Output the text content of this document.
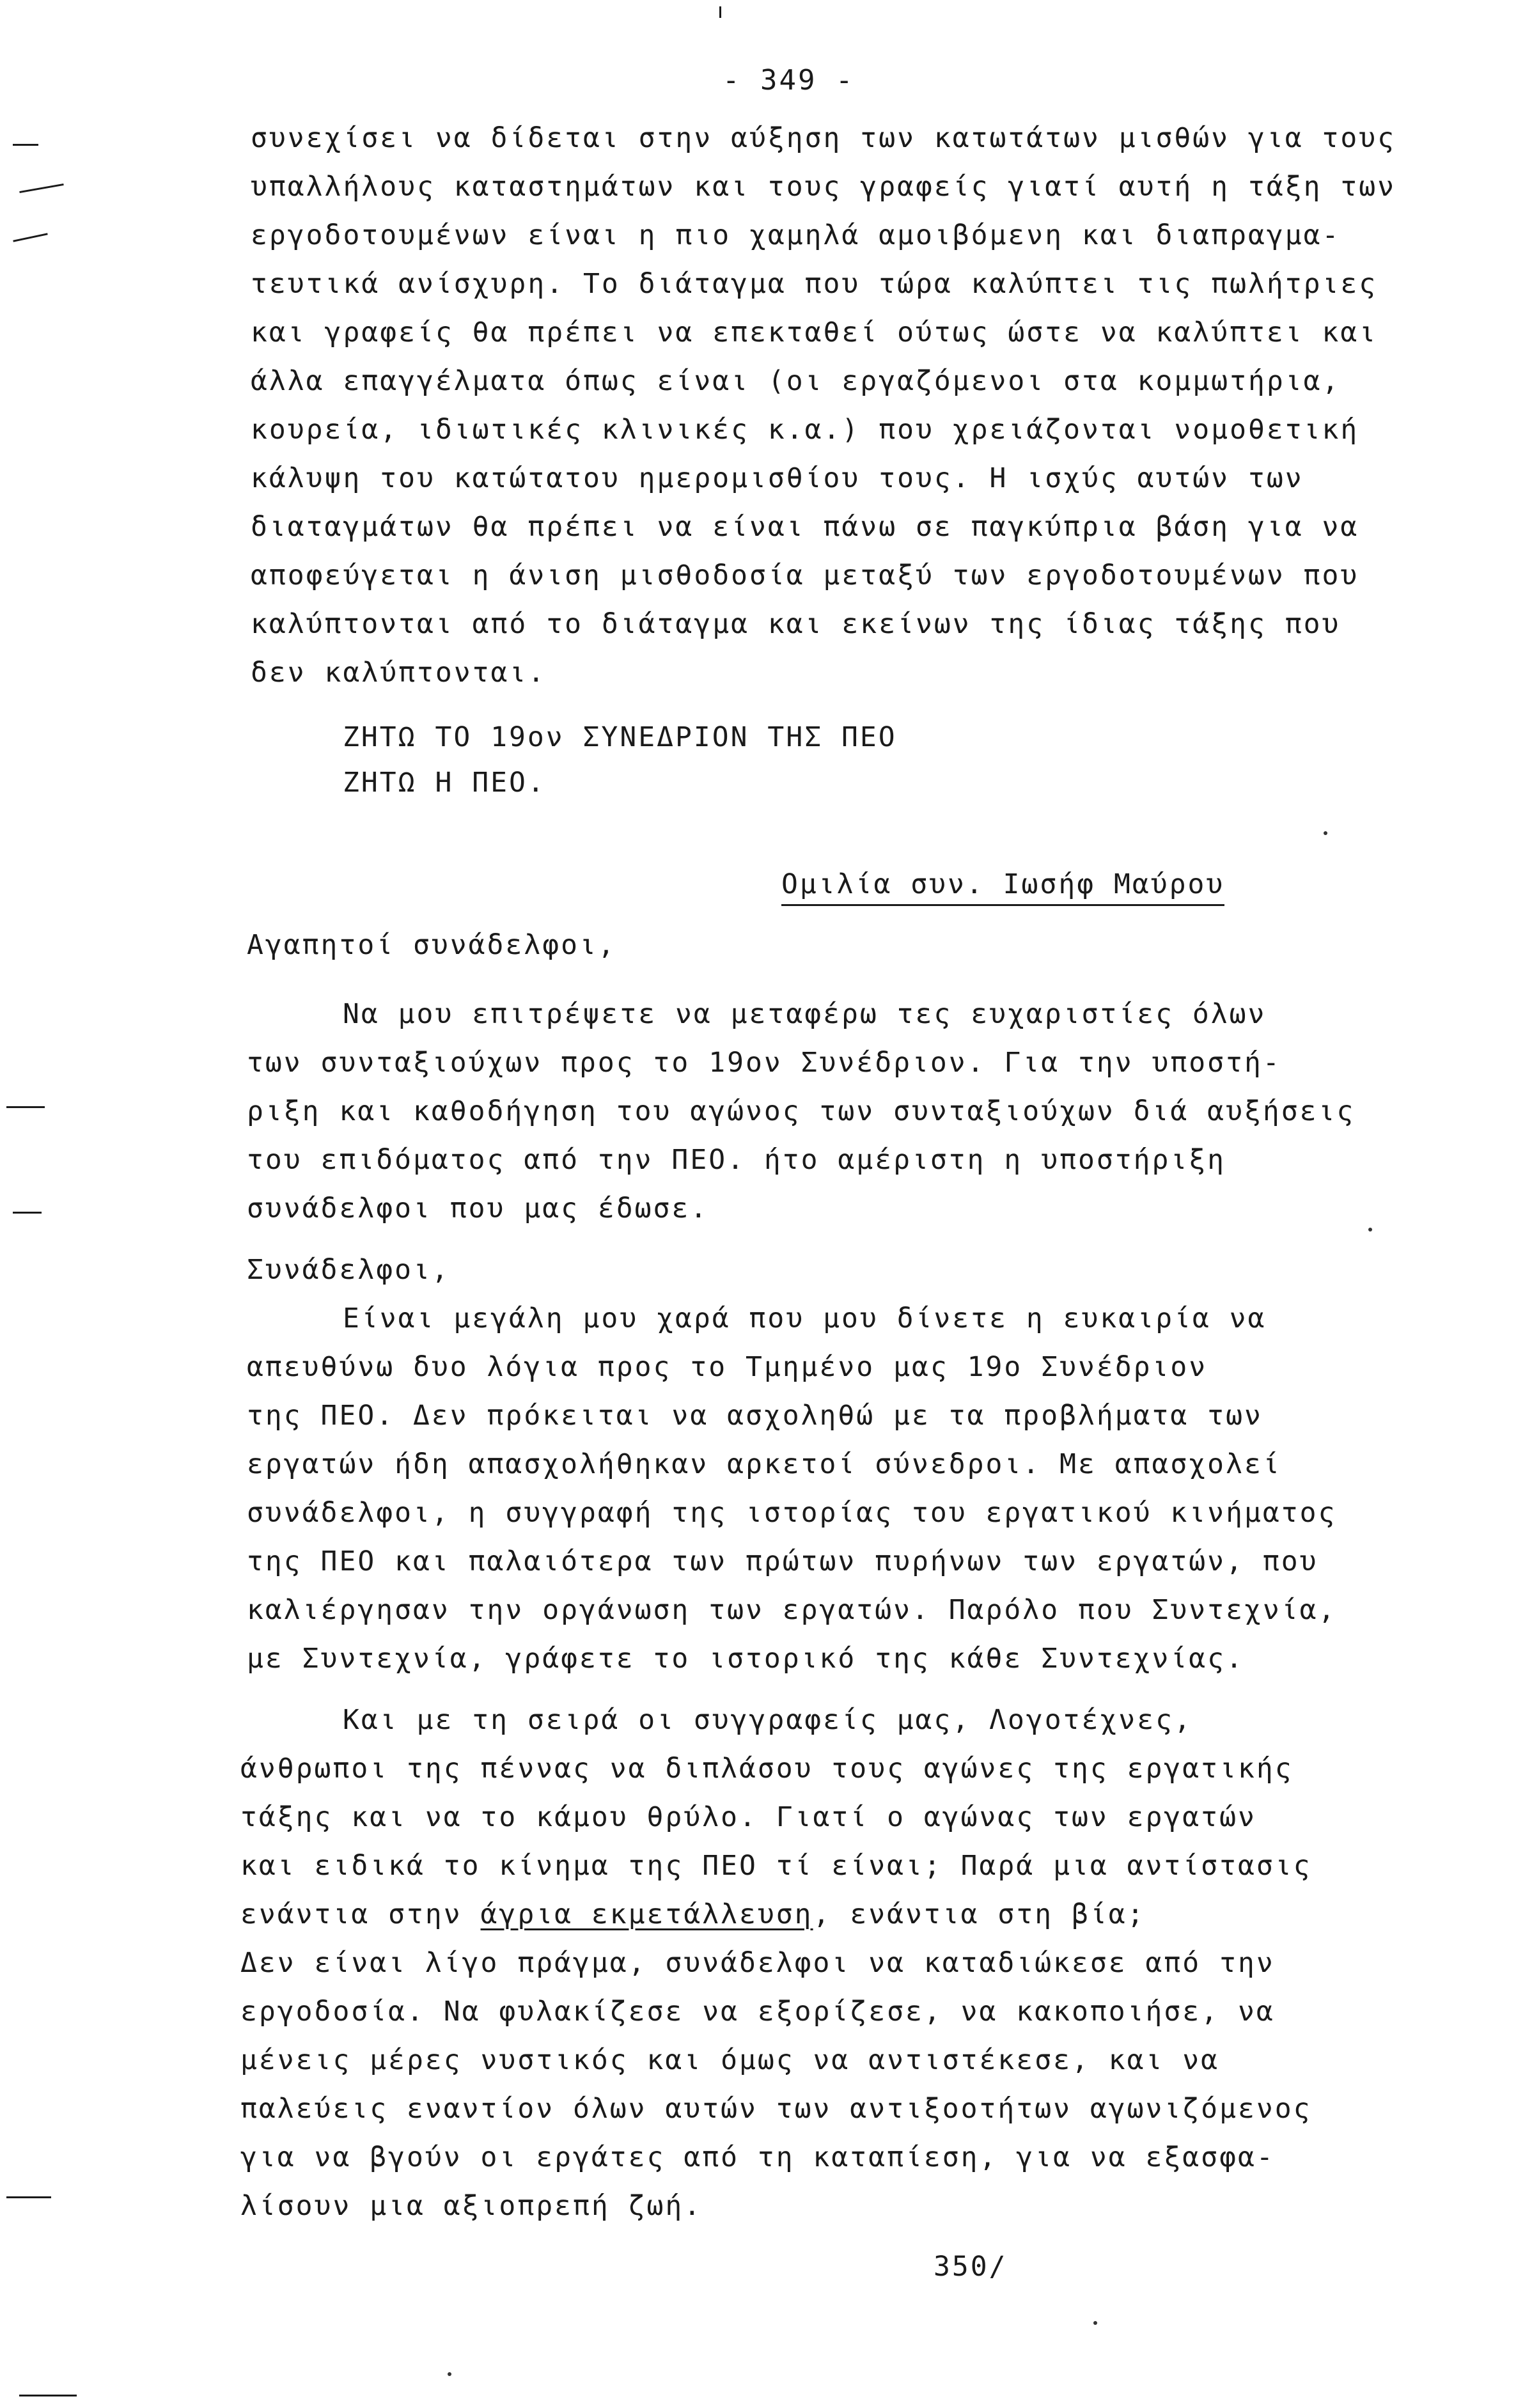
- 349 -
συνεχίσει να δίδεται στην αύξηση των κατωτάτων μισθών για τους
υπαλλήλους καταστημάτων και τους γραφείς γιατί αυτή η τάξη των
εργοδοτουμένων είναι η πιο χαμηλά αμοιβόμενη και διαπραγμα-
τευτικά ανίσχυρη. Το διάταγμα που τώρα καλύπτει τις πωλήτριες
και γραφείς θα πρέπει να επεκταθεί ούτως ώστε να καλύπτει και
άλλα επαγγέλματα όπως είναι (οι εργαζόμενοι στα κομμωτήρια,
κουρεία, ιδιωτικές κλινικές κ.α.) που χρειάζονται νομοθετική
κάλυψη του κατώτατου ημερομισθίου τους. Η ισχύς αυτών των
διαταγμάτων θα πρέπει να είναι πάνω σε παγκύπρια βάση για να
αποφεύγεται η άνιση μισθοδοσία μεταξύ των εργοδοτουμένων που
καλύπτονται από το διάταγμα και εκείνων της ίδιας τάξης που
δεν καλύπτονται.
ΖΗΤΩ ΤΟ 19ον ΣΥΝΕΔΡΙΟΝ ΤΗΣ ΠΕΟ
ΖΗΤΩ Η ΠΕΟ.
Ομιλία συν. Ιωσήφ Μαύρου
Αγαπητοί συνάδελφοι,
Να μου επιτρέψετε να μεταφέρω τες ευχαριστίες όλων
των συνταξιούχων προς το 19ον Συνέδριον. Για την υποστή-
ριξη και καθοδήγηση του αγώνος των συνταξιούχων διά αυξήσεις
του επιδόματος από την ΠΕΟ. ήτο αμέριστη η υποστήριξη
συνάδελφοι που μας έδωσε.
Συνάδελφοι,
Είναι μεγάλη μου χαρά που μου δίνετε η ευκαιρία να
απευθύνω δυο λόγια προς το Τμημένο μας 19ο Συνέδριον
της ΠΕΟ. Δεν πρόκειται να ασχοληθώ με τα προβλήματα των
εργατών ήδη απασχολήθηκαν αρκετοί σύνεδροι. Με απασχολεί
συνάδελφοι, η συγγραφή της ιστορίας του εργατικού κινήματος
της ΠΕΟ και παλαιότερα των πρώτων πυρήνων των εργατών, που
καλιέργησαν την οργάνωση των εργατών. Παρόλο που Συντεχνία,
με Συντεχνία, γράφετε το ιστορικό της κάθε Συντεχνίας.
Και με τη σειρά οι συγγραφείς μας, Λογοτέχνες,
άνθρωποι της πέννας να διπλάσου τους αγώνες της εργατικής
τάξης και να το κάμου θρύλο. Γιατί ο αγώνας των εργατών
και ειδικά το κίνημα της ΠΕΟ τί είναι; Παρά μια αντίστασις
ενάντια στην άγρια εκμετάλλευση, ενάντια στη βία;
Δεν είναι λίγο πράγμα, συνάδελφοι να καταδιώκεσε από την
εργοδοσία. Να φυλακίζεσε να εξορίζεσε, να κακοποιήσε, να
μένεις μέρες νυστικός και όμως να αντιστέκεσε, και να
παλεύεις εναντίον όλων αυτών των αντιξοοτήτων αγωνιζόμενος
για να βγούν οι εργάτες από τη καταπίεση, για να εξασφα-
λίσουν μια αξιοπρεπή ζωή.
350/
